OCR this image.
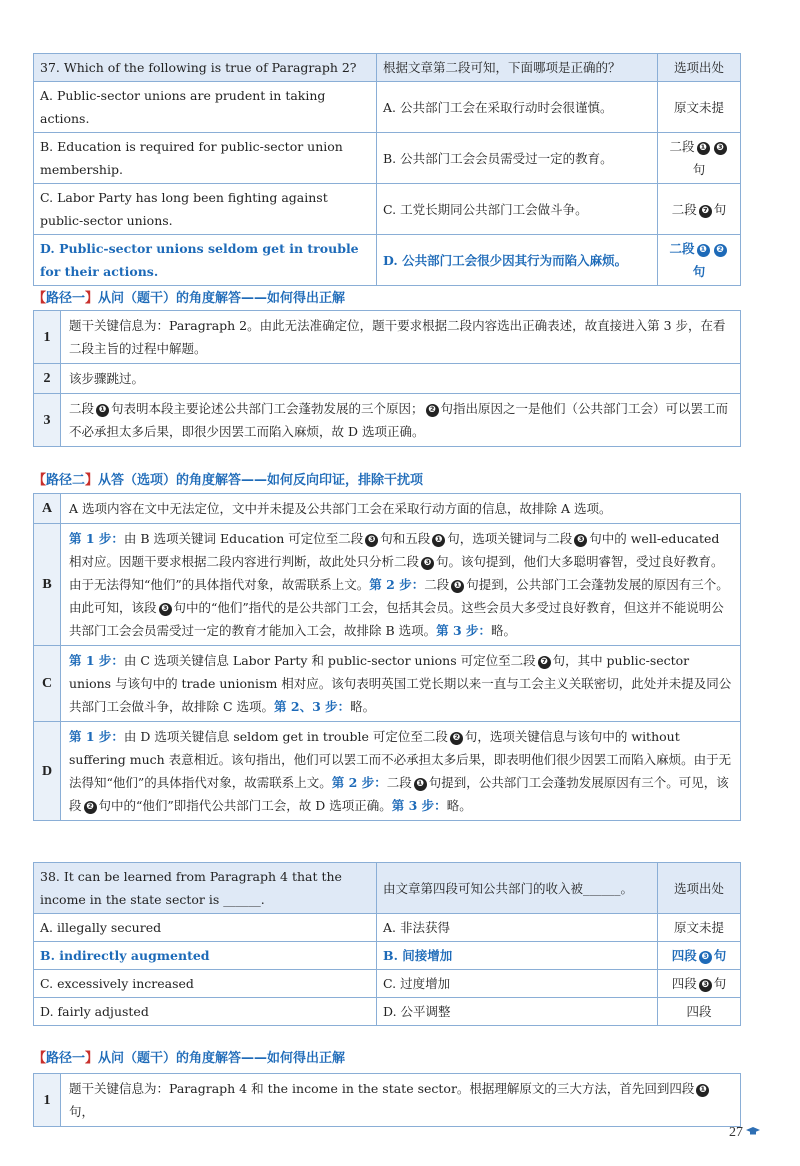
37. Which of the following is true of Paragraph 2?	根据文章第二段可知，下面哪项是正确的？	选项出处
A. Public-sector unions are prudent in taking actions.	A. 公共部门工会在采取行动时会很谨慎。	原文未提
B. Education is required for public-sector union membership.	B. 公共部门工会会员需受过一定的教育。	二段 ❶ ❸句
C. Labor Party has long been fighting against public-sector unions.	C. 工党长期同公共部门工会做斗争。	二段 ❼ 句
D. Public-sector unions seldom get in trouble for their actions.	D. 公共部门工会很少因其行为而陷入麻烦。	二段 ❶ ❷句
【路径一】从问（题干）的角度解答——如何得出正解
1	题干关键信息为：Paragraph 2。由此无法准确定位，题干要求根据二段内容选出正确表述，故直接进入第 3 步，在看二段主旨的过程中解题。
2	该步骤跳过。
3	二段 ❶ 句表明本段主要论述公共部门工会蓬勃发展的三个原因； ❷ 句指出原因之一是他们（公共部门工会）可以罢工而不必承担太多后果，即很少因罢工而陷入麻烦，故 D 选项正确。
【路径二】从答（选项）的角度解答——如何反向印证，排除干扰项
A	A 选项内容在文中无法定位，文中并未提及公共部门工会在采取行动方面的信息，故排除 A 选项。
B	第 1 步：由 B 选项关键词 Education 可定位至二段 ❸ 句和五段 ❶ 句，选项关键词与二段 ❸ 句中的 well-educated 相对应。因题干要求根据二段内容进行判断，故此处只分析二段 ❸ 句。该句提到，他们大多聪明睿智，受过良好教育。由于无法得知“他们”的具体指代对象，故需联系上文。第 2 步：二段 ❶ 句提到，公共部门工会蓬勃发展的原因有三个。由此可知，该段 ❸ 句中的“他们”指代的是公共部门工会，包括其会员。这些会员大多受过良好教育，但这并不能说明公共部门工会会员需受过一定的教育才能加入工会，故排除 B 选项。第 3 步：略。
C	第 1 步：由 C 选项关键信息 Labor Party 和 public-sector unions 可定位至二段 ❼ 句，其中 public-sector unions 与该句中的 trade unionism 相对应。该句表明英国工党长期以来一直与工会主义关联密切，此处并未提及同公共部门工会做斗争，故排除 C 选项。第 2、3 步：略。
D	第 1 步：由 D 选项关键信息 seldom get in trouble 可定位至二段 ❷ 句，选项关键信息与该句中的 without suffering much 表意相近。该句指出，他们可以罢工而不必承担太多后果，即表明他们很少因罢工而陷入麻烦。由于无法得知“他们”的具体指代对象，故需联系上文。第 2 步：二段 ❶ 句提到，公共部门工会蓬勃发展原因有三个。可见，该段 ❷ 句中的“他们”即指代公共部门工会，故 D 选项正确。第 3 步：略。
38. It can be learned from Paragraph 4 that the income in the state sector is ______.	由文章第四段可知公共部门的收入被______。	选项出处
A. illegally secured	A. 非法获得	原文未提
B. indirectly augmented	B. 间接增加	四段 ❸ 句
C. excessively increased	C. 过度增加	四段 ❸ 句
D. fairly adjusted	D. 公平调整	四段
【路径一】从问（题干）的角度解答——如何得出正解
1	题干关键信息为：Paragraph 4 和 the income in the state sector。根据理解原文的三大方法，首先回到四段 ❶句，
27
